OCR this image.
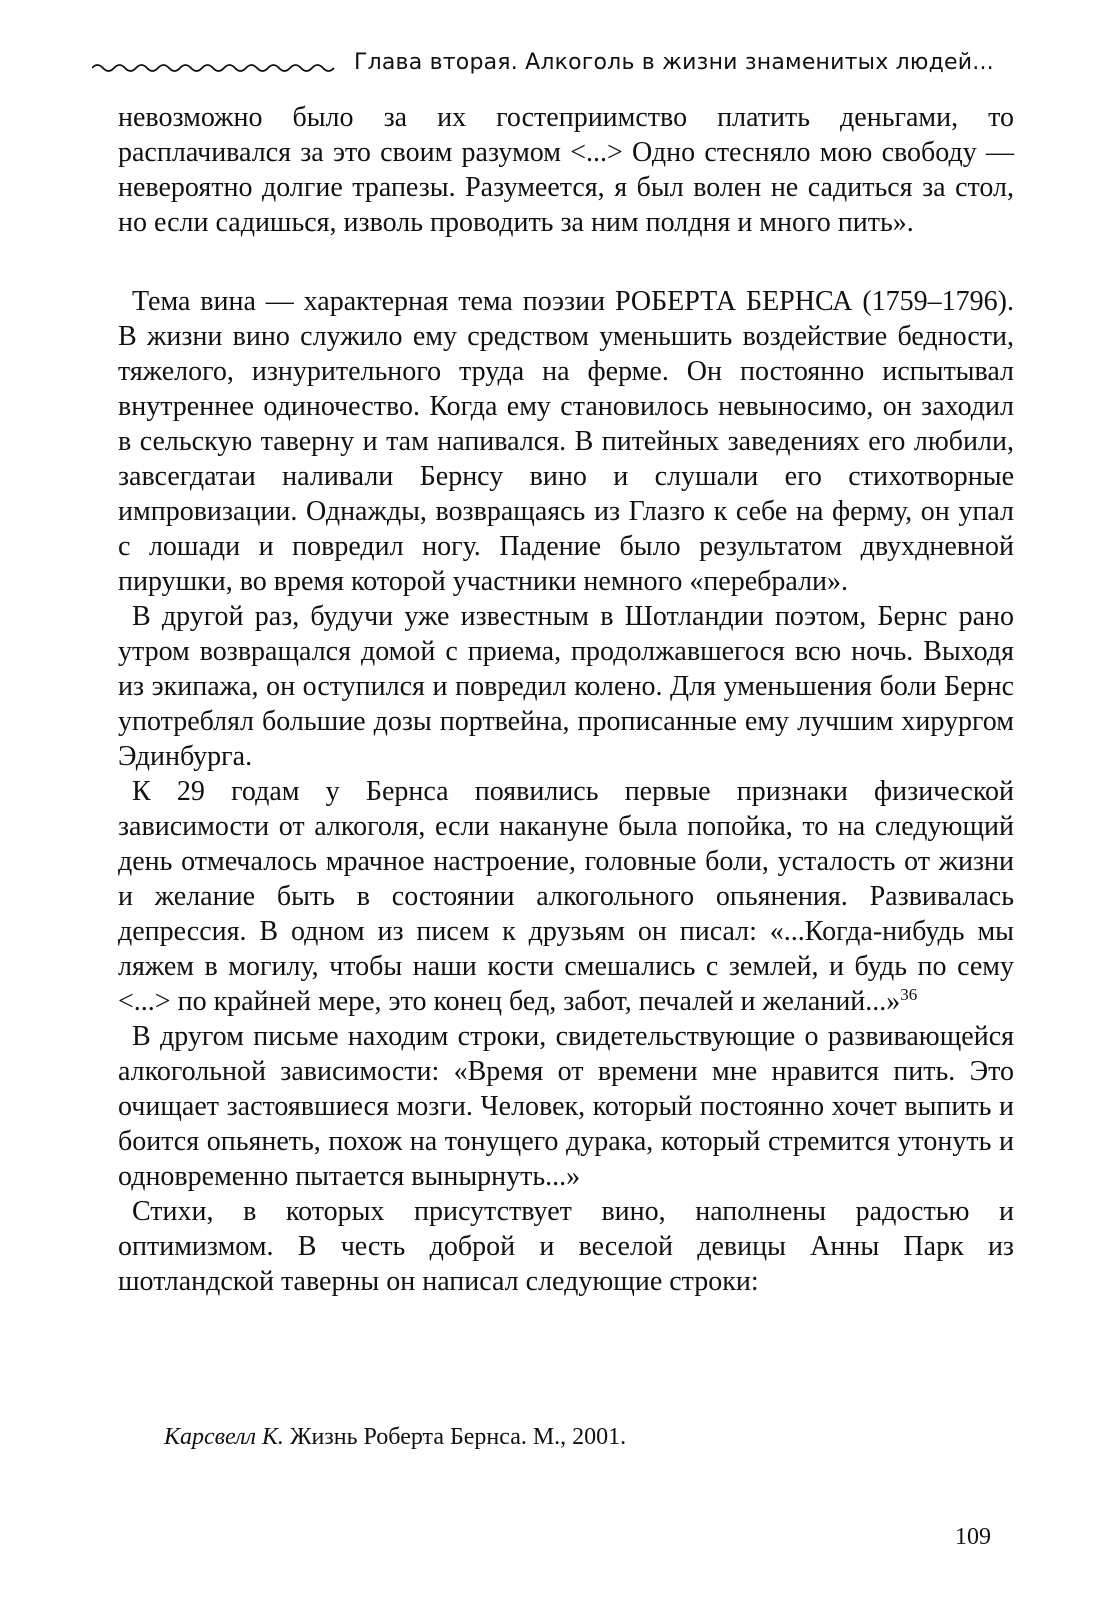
Глава вторая. Алкоголь в жизни знаменитых людей...

невозможно было за их гостеприимство платить деньгами, то расплачивался за это своим разумом <...> Одно стесняло мою свободу — невероятно долгие трапезы. Разумеется, я был волен не садиться за стол, но если садишься, изволь проводить за ним полдня и много пить».

Тема вина — характерная тема поэзии РОБЕРТА БЕРНСА (1759–1796). В жизни вино служило ему средством уменьшить воздействие бедности, тяжелого, изнурительного труда на ферме. Он постоянно испытывал внутреннее одиночество. Когда ему становилось невыносимо, он заходил в сельскую таверну и там напивался. В питейных заведениях его любили, завсегдатаи наливали Бернсу вино и слушали его стихотворные импровизации. Однажды, возвращаясь из Глазго к себе на ферму, он упал с лошади и повредил ногу. Падение было результатом двухдневной пирушки, во время которой участники немного «перебрали».

В другой раз, будучи уже известным в Шотландии поэтом, Бернс рано утром возвращался домой с приема, продолжавшегося всю ночь. Выходя из экипажа, он оступился и повредил колено. Для уменьшения боли Бернс употреблял большие дозы портвейна, прописанные ему лучшим хирургом Эдинбурга.

К 29 годам у Бернса появились первые признаки физической зависимости от алкоголя, если накануне была попойка, то на следующий день отмечалось мрачное настроение, головные боли, усталость от жизни и желание быть в состоянии алкогольного опьянения. Развивалась депрессия. В одном из писем к друзьям он писал: «...Когда-нибудь мы ляжем в могилу, чтобы наши кости смешались с землей, и будь по сему <...> по крайней мере, это конец бед, забот, печалей и желаний...»$^{36}$

В другом письме находим строки, свидетельствующие о развивающейся алкогольной зависимости: «Время от времени мне нравится пить. Это очищает застоявшиеся мозги. Человек, который постоянно хочет выпить и боится опьянеть, похож на тонущего дурака, который стремится утонуть и одновременно пытается вынырнуть...»

Стихи, в которых присутствует вино, наполнены радостью и оптимизмом. В честь доброй и веселой девицы Анны Парк из шотландской таверны он написал следующие строки:

Карсвелл К. Жизнь Роберта Бернса. М., 2001.
109
